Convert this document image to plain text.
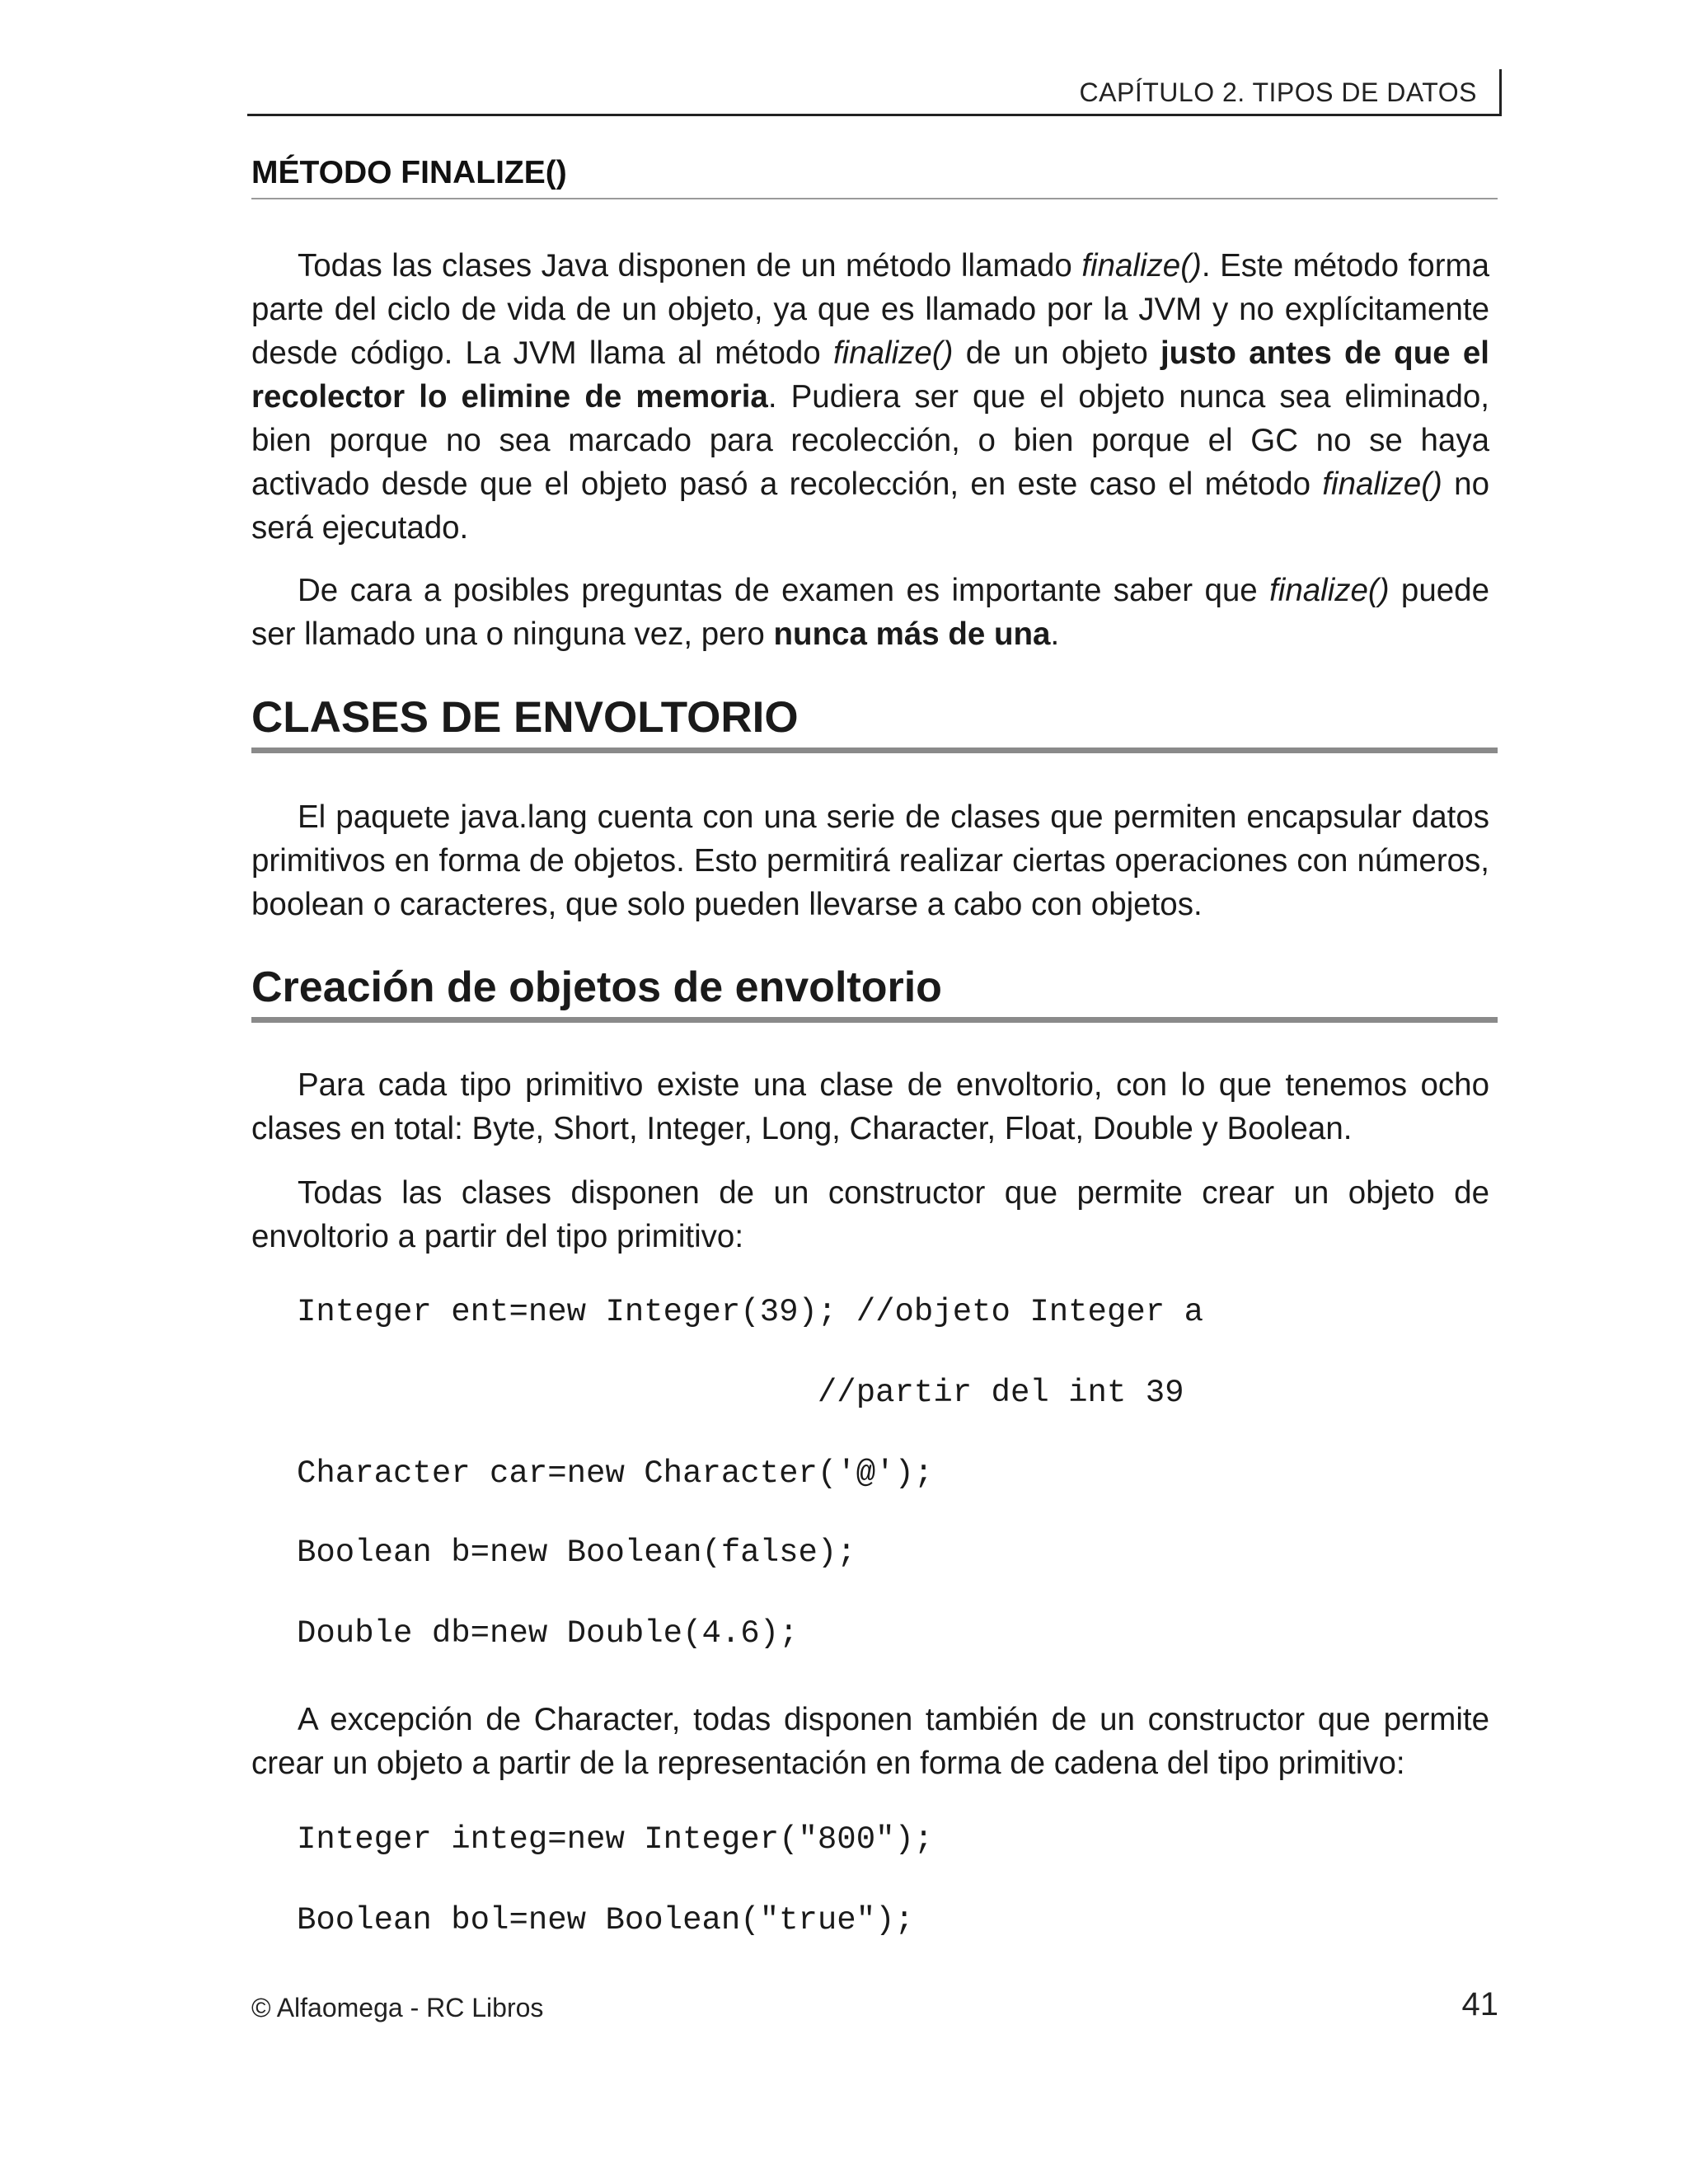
CAPÍTULO 2. TIPOS DE DATOS
MÉTODO FINALIZE()

Todas las clases Java disponen de un método llamado finalize(). Este método forma parte del ciclo de vida de un objeto, ya que es llamado por la JVM y no explícitamente desde código. La JVM llama al método finalize() de un objeto justo antes de que el recolector lo elimine de memoria. Pudiera ser que el objeto nunca sea eliminado, bien porque no sea marcado para recolección, o bien porque el GC no se haya activado desde que el objeto pasó a recolección, en este caso el método finalize() no será ejecutado.

De cara a posibles preguntas de examen es importante saber que finalize() puede ser llamado una o ninguna vez, pero nunca más de una.

CLASES DE ENVOLTORIO

El paquete java.lang cuenta con una serie de clases que permiten encapsular datos primitivos en forma de objetos. Esto permitirá realizar ciertas operaciones con números, boolean o caracteres, que solo pueden llevarse a cabo con objetos.

Creación de objetos de envoltorio

Para cada tipo primitivo existe una clase de envoltorio, con lo que tenemos ocho clases en total: Byte, Short, Integer, Long, Character, Float, Double y Boolean.

Todas las clases disponen de un constructor que permite crear un objeto de envoltorio a partir del tipo primitivo:

Integer ent=new Integer(39); //objeto Integer a
//partir del int 39
Character car=new Character('@');
Boolean b=new Boolean(false);
Double db=new Double(4.6);

A excepción de Character, todas disponen también de un constructor que permite crear un objeto a partir de la representación en forma de cadena del tipo primitivo:

Integer integ=new Integer("800");
Boolean bol=new Boolean("true");
© Alfaomega - RC Libros	41
